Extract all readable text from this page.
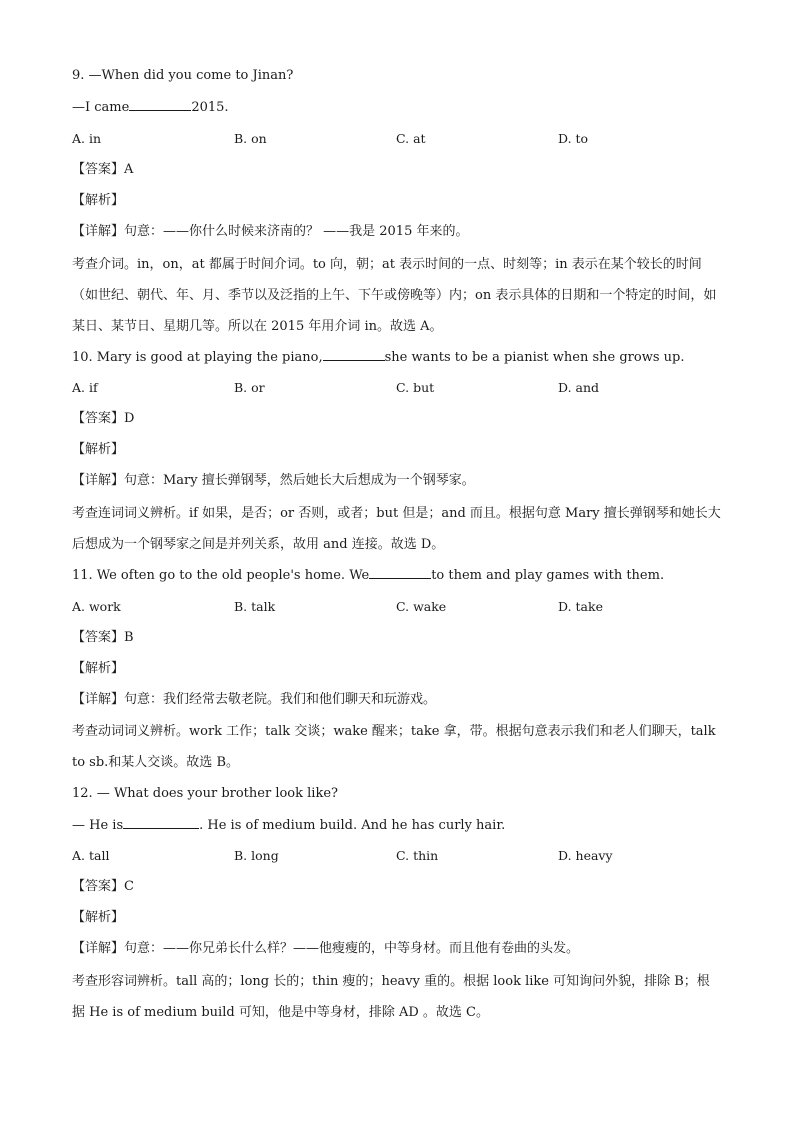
9. —When did you come to Jinan?
—I came	2015.
A. in	B. on	C. at	D. to
【答案】A
【解析】
【详解】句意：——你什么时候来济南的？ ——我是 2015 年来的。
考查介词。in，on，at 都属于时间介词。to 向，朝；at 表示时间的一点、时刻等；in 表示在某个较长的时间（如世纪、朝代、年、月、季节以及泛指的上午、下午或傍晚等）内；on 表示具体的日期和一个特定的时间，如某日、某节日、星期几等。所以在 2015 年用介词 in。故选 A。
10. Mary is good at playing the piano,	she wants to be a pianist when she grows up.
A. if	B. or	C. but	D. and
【答案】D
【解析】
【详解】句意：Mary 擅长弹钢琴，然后她长大后想成为一个钢琴家。
考查连词词义辨析。if 如果，是否；or 否则，或者；but 但是；and 而且。根据句意 Mary 擅长弹钢琴和她长大后想成为一个钢琴家之间是并列关系，故用 and 连接。故选 D。
11. We often go to the old people's home. We	to them and play games with them.
A. work	B. talk	C. wake	D. take
【答案】B
【解析】
【详解】句意：我们经常去敬老院。我们和他们聊天和玩游戏。
考查动词词义辨析。work 工作；talk 交谈；wake 醒来；take 拿，带。根据句意表示我们和老人们聊天，talk to sb.和某人交谈。故选 B。
12. — What does your brother look like?
— He is	. He is of medium build. And he has curly hair.
A. tall	B. long	C. thin	D. heavy
【答案】C
【解析】
【详解】句意：——你兄弟长什么样？——他瘦瘦的，中等身材。而且他有卷曲的头发。
考查形容词辨析。tall 高的；long 长的；thin 瘦的；heavy 重的。根据 look like 可知询问外貌，排除 B；根据 He is of medium build 可知，他是中等身材，排除 AD 。故选 C。
